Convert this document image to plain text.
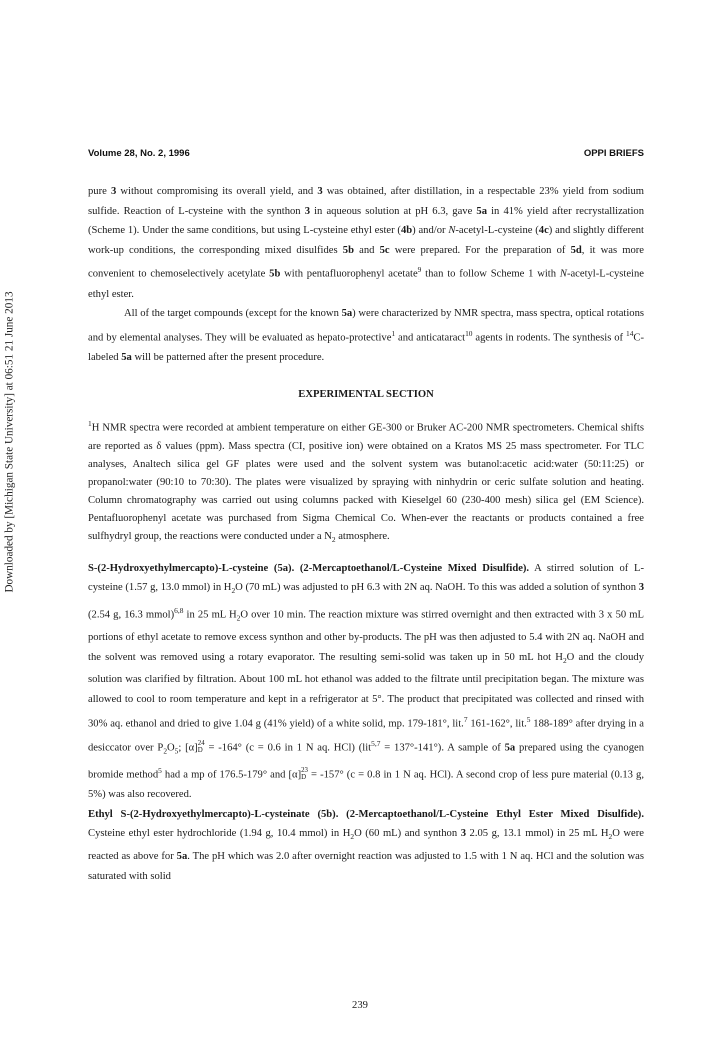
Downloaded by [Michigan State University] at 06:51 21 June 2013
Volume 28, No. 2, 1996	OPPI BRIEFS

pure 3 without compromising its overall yield, and 3 was obtained, after distillation, in a respectable 23% yield from sodium sulfide. Reaction of L-cysteine with the synthon 3 in aqueous solution at pH 6.3, gave 5a in 41% yield after recrystallization (Scheme 1). Under the same conditions, but using L-cysteine ethyl ester (4b) and/or N-acetyl-L-cysteine (4c) and slightly different work-up conditions, the corresponding mixed disulfides 5b and 5c were prepared. For the preparation of 5d, it was more convenient to chemoselectively acetylate 5b with pentafluorophenyl acetate$^9$ than to follow Scheme 1 with N-acetyl-L-cysteine ethyl ester.

All of the target compounds (except for the known 5a) were characterized by NMR spectra, mass spectra, optical rotations and by elemental analyses. They will be evaluated as hepato-protective$^1$ and anticataract$^{10}$ agents in rodents. The synthesis of $^{14}$C-labeled 5a will be patterned after the present procedure.

EXPERIMENTAL SECTION

$^1$H NMR spectra were recorded at ambient temperature on either GE-300 or Bruker AC-200 NMR spectrometers. Chemical shifts are reported as δ values (ppm). Mass spectra (CI, positive ion) were obtained on a Kratos MS 25 mass spectrometer. For TLC analyses, Analtech silica gel GF plates were used and the solvent system was butanol:acetic acid:water (50:11:25) or propanol:water (90:10 to 70:30). The plates were visualized by spraying with ninhydrin or ceric sulfate solution and heating. Column chromatography was carried out using columns packed with Kieselgel 60 (230-400 mesh) silica gel (EM Science). Pentafluorophenyl acetate was purchased from Sigma Chemical Co. When-ever the reactants or products contained a free sulfhydryl group, the reactions were conducted under a $N_2$ atmosphere.

S-(2-Hydroxyethylmercapto)-L-cysteine (5a). (2-Mercaptoethanol/L-Cysteine Mixed Disulfide). A stirred solution of L-cysteine (1.57 g, 13.0 mmol) in $H_2O$ (70 mL) was adjusted to pH 6.3 with 2N aq. NaOH. To this was added a solution of synthon 3 (2.54 g, 16.3 mmol)$^{6,8}$ in 25 mL $H_2O$ over 10 min. The reaction mixture was stirred overnight and then extracted with 3 x 50 mL portions of ethyl acetate to remove excess synthon and other by-products. The pH was then adjusted to 5.4 with 2N aq. NaOH and the solvent was removed using a rotary evaporator. The resulting semi-solid was taken up in 50 mL hot $H_2O$ and the cloudy solution was clarified by filtration. About 100 mL hot ethanol was added to the filtrate until precipitation began. The mixture was allowed to cool to room temperature and kept in a refrigerator at 5°. The product that precipitated was collected and rinsed with 30% aq. ethanol and dried to give 1.04 g (41% yield) of a white solid, mp. 179-181°, lit.$^7$ 161-162°, lit.$^5$ 188-189° after drying in a desiccator over $P_2O_5$; [α] 24
D = -164° (c = 0.6 in 1 N aq. HCl) (lit$^{5,7}$ = 137°-141°). A sample of 5a prepared using the cyanogen bromide method$^5$ had a mp of 176.5-179° and [α] 23
D = -157° (c = 0.8 in 1 N aq. HCl). A second crop of less pure material (0.13 g, 5%) was also recovered.

Ethyl S-(2-Hydroxyethylmercapto)-L-cysteinate (5b). (2-Mercaptoethanol/L-Cysteine Ethyl Ester Mixed Disulfide). Cysteine ethyl ester hydrochloride (1.94 g, 10.4 mmol) in $H_2O$ (60 mL) and synthon 3 2.05 g, 13.1 mmol) in 25 mL $H_2O$ were reacted as above for 5a. The pH which was 2.0 after overnight reaction was adjusted to 1.5 with 1 N aq. HCl and the solution was saturated with solid

239
